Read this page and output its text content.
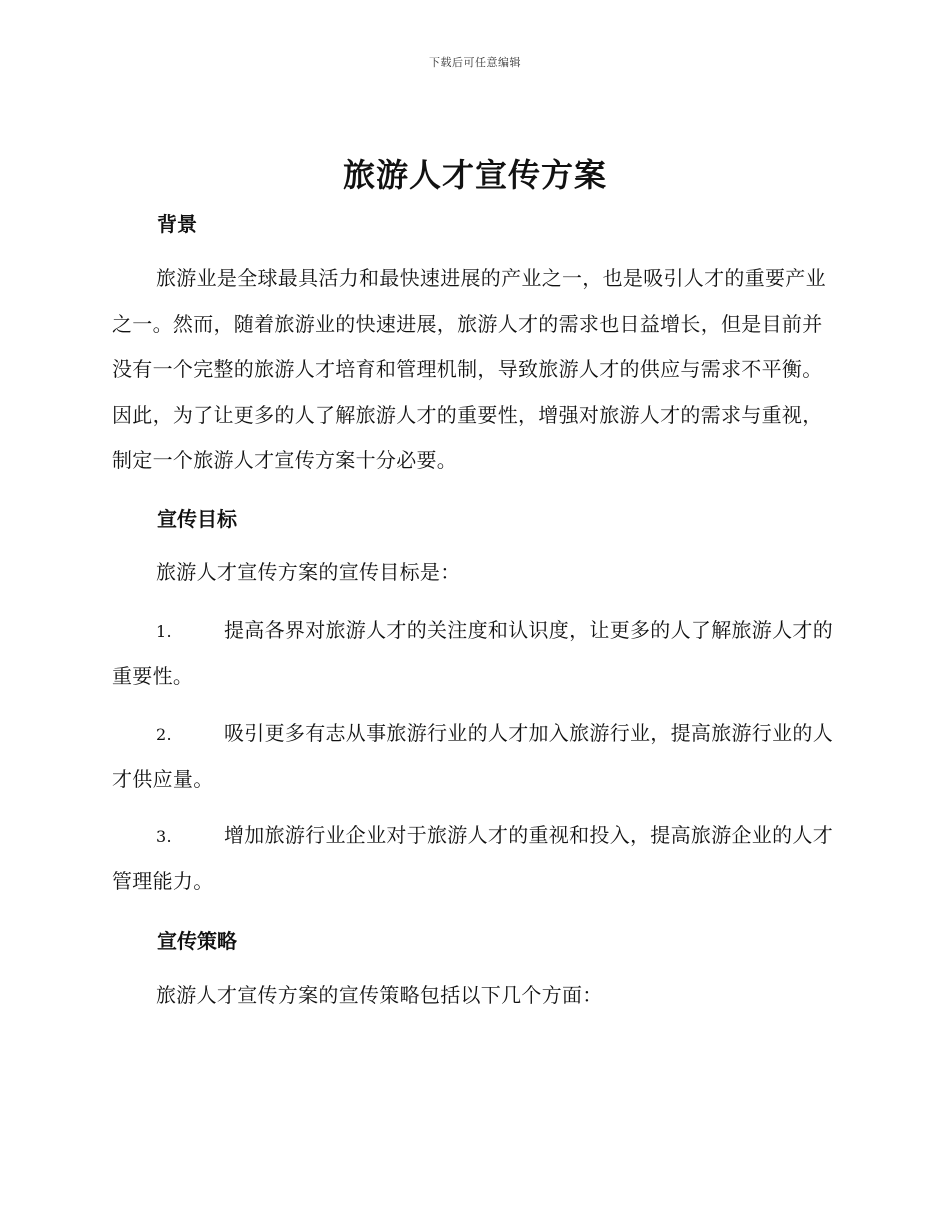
下载后可任意编辑
旅游人才宣传方案
背景

旅游业是全球最具活力和最快速进展的产业之一，也是吸引人才的重要产业之一。然而，随着旅游业的快速进展，旅游人才的需求也日益增长，但是目前并没有一个完整的旅游人才培育和管理机制，导致旅游人才的供应与需求不平衡。因此，为了让更多的人了解旅游人才的重要性，增强对旅游人才的需求与重视，制定一个旅游人才宣传方案十分必要。

宣传目标

旅游人才宣传方案的宣传目标是：

1.	提高各界对旅游人才的关注度和认识度，让更多的人了解旅游人才的重要性。

2.	吸引更多有志从事旅游行业的人才加入旅游行业，提高旅游行业的人才供应量。

3.	增加旅游行业企业对于旅游人才的重视和投入，提高旅游企业的人才管理能力。

宣传策略

旅游人才宣传方案的宣传策略包括以下几个方面：
